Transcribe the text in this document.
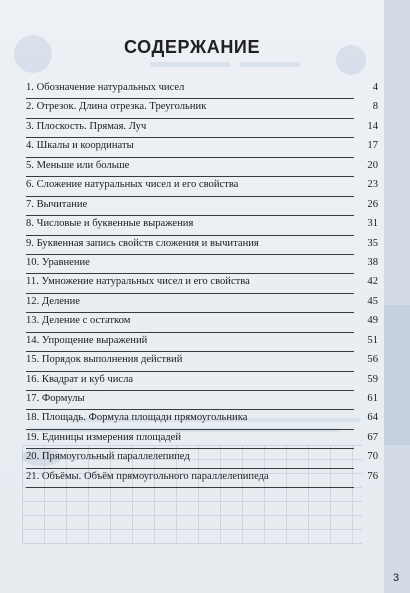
СОДЕРЖАНИЕ
1. Обозначение натуральных чисел	4
2. Отрезок. Длина отрезка. Треугольник	8
3. Плоскость. Прямая. Луч	14
4. Шкалы и координаты	17
5. Меньше или больше	20
6. Сложение натуральных чисел и его свойства	23
7. Вычитание	26
8. Числовые и буквенные выражения	31
9. Буквенная запись свойств сложения и вычитания	35
10. Уравнение	38
11. Умножение натуральных чисел и его свойства	42
12. Деление	45
13. Деление с остатком	49
14. Упрощение выражений	51
15. Порядок выполнения действий	56
16. Квадрат и куб числа	59
17. Формулы	61
18. Площадь. Формула площади прямоугольника	64
19. Единицы измерения площадей	67
20. Прямоугольный параллелепипед	70
21. Объёмы. Объём прямоугольного параллелепипеда	76
3
